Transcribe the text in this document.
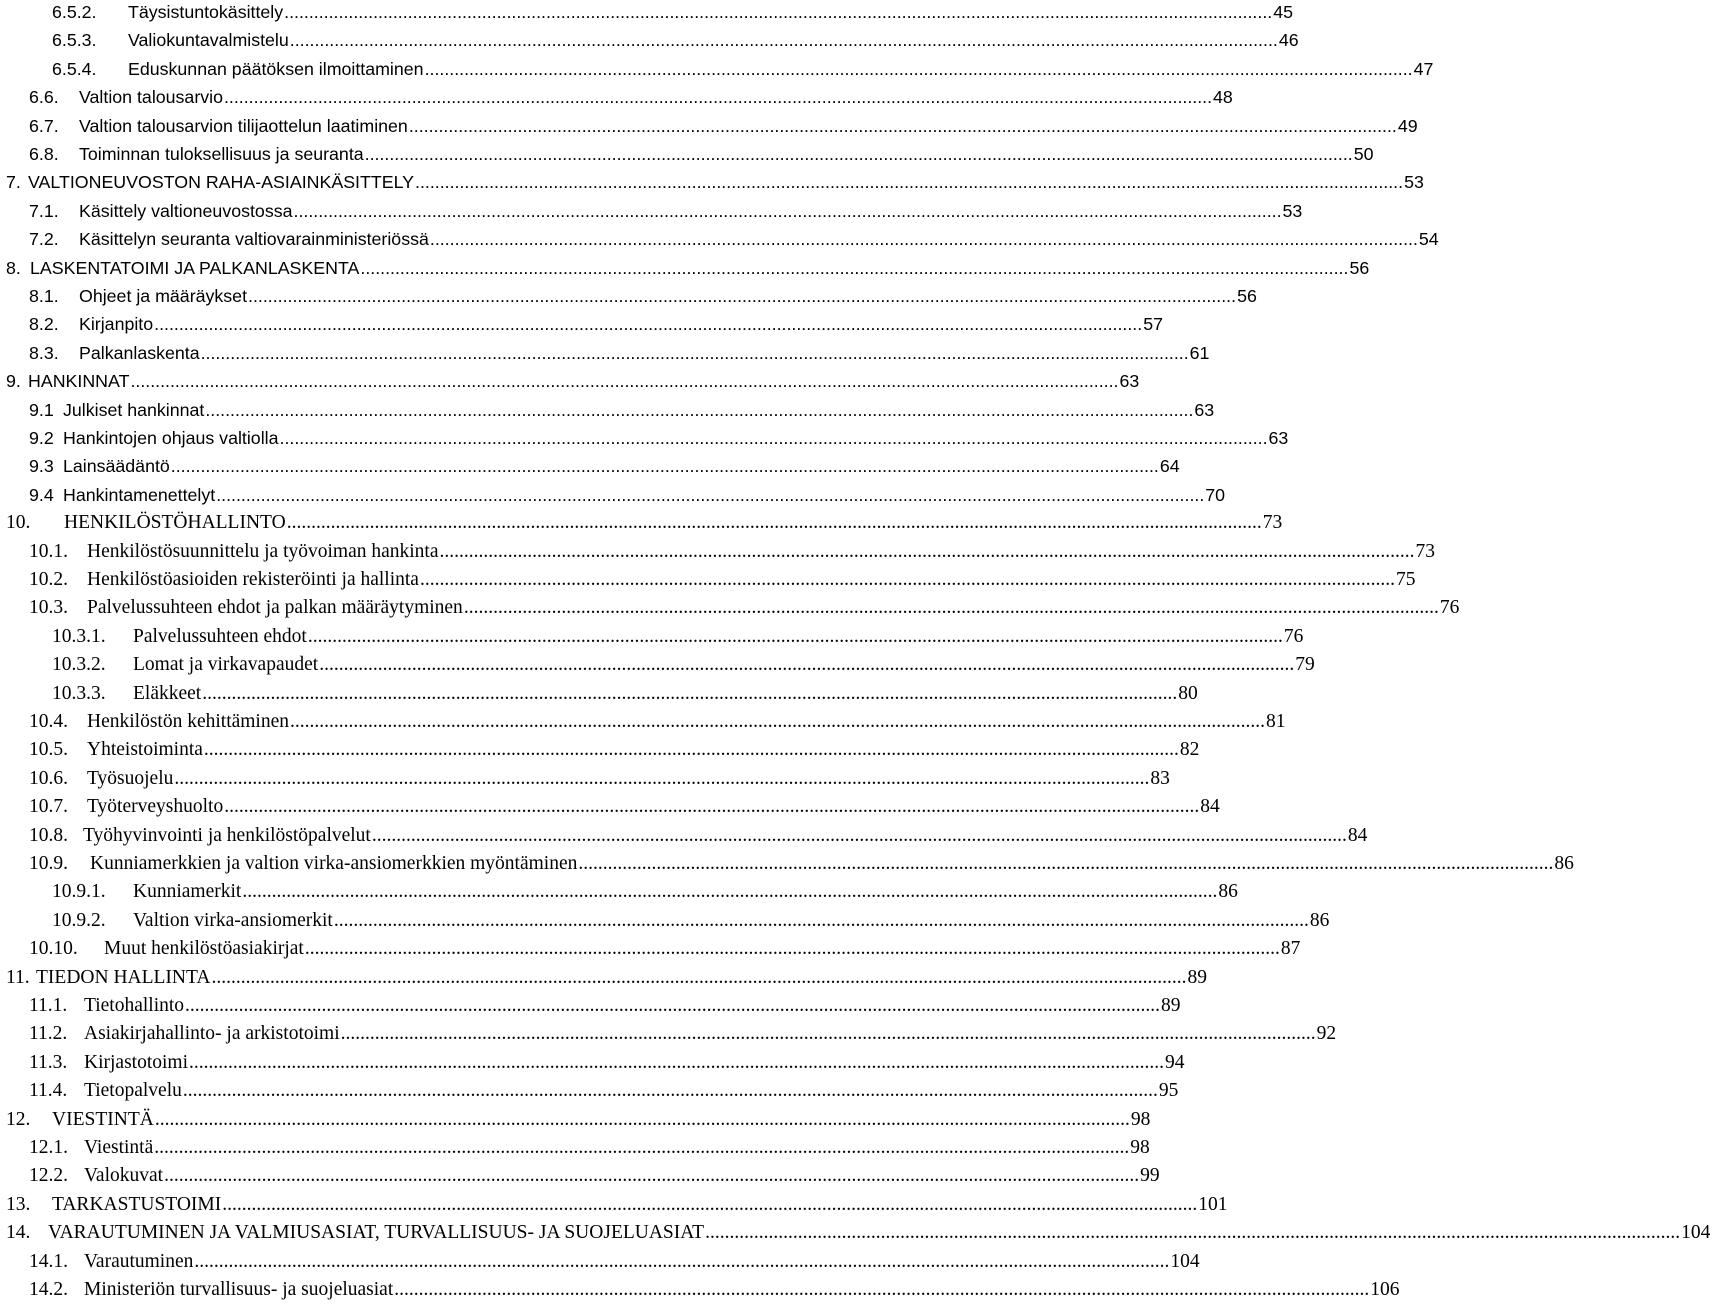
6.5.2.	Täysistuntokäsittely ........................................................................................................................................................................................................ 45
6.5.3.	Valiokuntavalmistelu ........................................................................................................................................................................................................ 46
6.5.4.	Eduskunnan päätöksen ilmoittaminen ........................................................................................................................................................................................................ 47
6.6.	Valtion talousarvio ........................................................................................................................................................................................................ 48
6.7.	Valtion talousarvion tilijaottelun laatiminen ........................................................................................................................................................................................................ 49
6.8.	Toiminnan tuloksellisuus ja seuranta ........................................................................................................................................................................................................ 50
7. VALTIONEUVOSTON RAHA-ASIAINKÄSITTELY ........................................................................................................................................................................................................ 53
7.1.	Käsittely valtioneuvostossa ........................................................................................................................................................................................................ 53
7.2.	Käsittelyn seuranta valtiovarainministeriössä ........................................................................................................................................................................................................ 54
8. LASKENTATOIMI JA PALKANLASKENTA ........................................................................................................................................................................................................ 56
8.1.	Ohjeet ja määräykset ........................................................................................................................................................................................................ 56
8.2.	Kirjanpito ........................................................................................................................................................................................................ 57
8.3.	Palkanlaskenta ........................................................................................................................................................................................................ 61
9. HANKINNAT ........................................................................................................................................................................................................ 63
9.1 Julkiset hankinnat ........................................................................................................................................................................................................ 63
9.2 Hankintojen ohjaus valtiolla ........................................................................................................................................................................................................ 63
9.3 Lainsäädäntö ........................................................................................................................................................................................................ 64
9.4 Hankintamenettelyt ........................................................................................................................................................................................................ 70
10.	HENKILÖSTÖHALLINTO ........................................................................................................................................................................................................ 73
10.1. Henkilöstösuunnittelu ja työvoiman hankinta ........................................................................................................................................................................................................ 73
10.2. Henkilöstöasioiden rekisteröinti ja hallinta ........................................................................................................................................................................................................ 75
10.3. Palvelussuhteen ehdot ja palkan määräytyminen ........................................................................................................................................................................................................ 76
10.3.1.	Palvelussuhteen ehdot ........................................................................................................................................................................................................ 76
10.3.2.	Lomat ja virkavapaudet ........................................................................................................................................................................................................ 79
10.3.3.	Eläkkeet ........................................................................................................................................................................................................ 80
10.4. Henkilöstön kehittäminen ........................................................................................................................................................................................................ 81
10.5. Yhteistoiminta ........................................................................................................................................................................................................ 82
10.6. Työsuojelu ........................................................................................................................................................................................................ 83
10.7. Työterveyshuolto ........................................................................................................................................................................................................ 84
10.8. Työhyvinvointi ja henkilöstöpalvelut ........................................................................................................................................................................................................ 84
10.9.	Kunniamerkkien ja valtion virka-ansiomerkkien myöntäminen ........................................................................................................................................................................................................ 86
10.9.1.	Kunniamerkit ........................................................................................................................................................................................................ 86
10.9.2.	Valtion virka-ansiomerkit ........................................................................................................................................................................................................ 86
10.10.	Muut henkilöstöasiakirjat ........................................................................................................................................................................................................ 87
11. TIEDON HALLINTA ........................................................................................................................................................................................................ 89
11.1. Tietohallinto ........................................................................................................................................................................................................ 89
11.2. Asiakirjahallinto- ja arkistotoimi ........................................................................................................................................................................................................ 92
11.3. Kirjastotoimi ........................................................................................................................................................................................................ 94
11.4. Tietopalvelu ........................................................................................................................................................................................................ 95
12.	VIESTINTÄ ........................................................................................................................................................................................................ 98
12.1. Viestintä ........................................................................................................................................................................................................ 98
12.2. Valokuvat ........................................................................................................................................................................................................ 99
13.	TARKASTUSTOIMI ........................................................................................................................................................................................................ 101
14. VARAUTUMINEN JA VALMIUSASIAT, TURVALLISUUS- JA SUOJELUASIAT ........................................................................................................................................................................................................ 104
14.1. Varautuminen ........................................................................................................................................................................................................ 104
14.2. Ministeriön turvallisuus- ja suojeluasiat ........................................................................................................................................................................................................ 106
